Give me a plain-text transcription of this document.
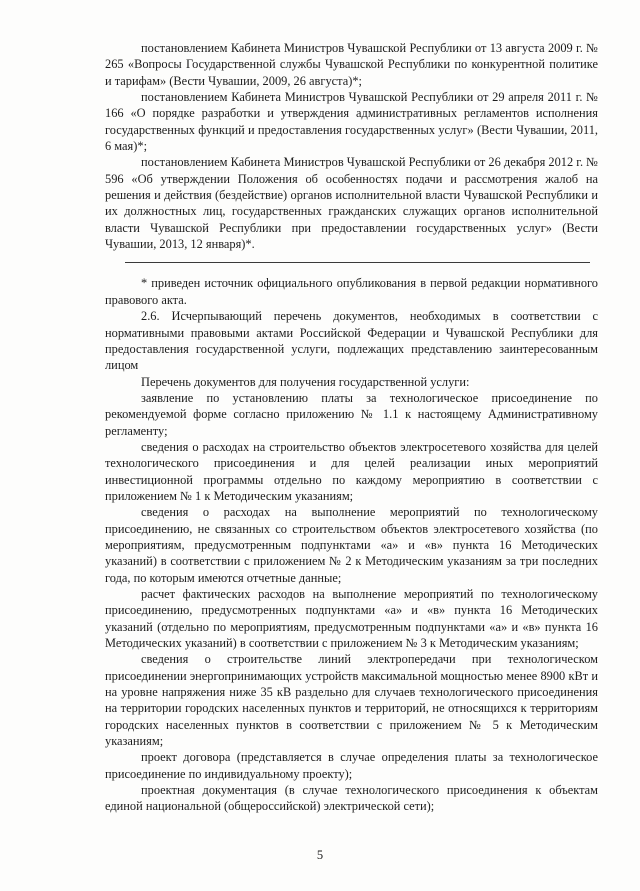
постановлением Кабинета Министров Чувашской Республики от 13 августа 2009 г. № 265 «Вопросы Государственной службы Чувашской Республики по конкурентной политике и тарифам» (Вести Чувашии, 2009, 26 августа)*;

постановлением Кабинета Министров Чувашской Республики от 29 апреля 2011 г. № 166 «О порядке разработки и утверждения административных регламентов исполнения государственных функций и предоставления государственных услуг» (Вести Чувашии, 2011, 6 мая)*;

постановлением Кабинета Министров Чувашской Республики от 26 декабря 2012 г. № 596 «Об утверждении Положения об особенностях подачи и рассмотрения жалоб на решения и действия (бездействие) органов исполнительной власти Чувашской Республики и их должностных лиц, государственных гражданских служащих органов исполнительной власти Чувашской Республики при предоставлении государственных услуг» (Вести Чувашии, 2013, 12 января)*.

* приведен источник официального опубликования в первой редакции нормативного правового акта.

2.6. Исчерпывающий перечень документов, необходимых в соответствии с нормативными правовыми актами Российской Федерации и Чувашской Республики для предоставления государственной услуги, подлежащих представлению заинтересованным лицом

Перечень документов для получения государственной услуги:

заявление по установлению платы за технологическое присоединение по рекомендуемой форме согласно приложению № 1.1 к настоящему Административному регламенту;

сведения о расходах на строительство объектов электросетевого хозяйства для целей технологического присоединения и для целей реализации иных мероприятий инвестиционной программы отдельно по каждому мероприятию в соответствии с приложением № 1 к Методическим указаниям;

сведения о расходах на выполнение мероприятий по технологическому присоединению, не связанных со строительством объектов электросетевого хозяйства (по мероприятиям, предусмотренным подпунктами «а» и «в» пункта 16 Методических указаний) в соответствии с приложением № 2 к Методическим указаниям за три последних года, по которым имеются отчетные данные;

расчет фактических расходов на выполнение мероприятий по технологическому присоединению, предусмотренных подпунктами «а» и «в» пункта 16 Методических указаний (отдельно по мероприятиям, предусмотренным подпунктами «а» и «в» пункта 16 Методических указаний) в соответствии с приложением № 3 к Методическим указаниям;

сведения о строительстве линий электропередачи при технологическом присоединении энергопринимающих устройств максимальной мощностью менее 8900 кВт и на уровне напряжения ниже 35 кВ раздельно для случаев технологического присоединения на территории городских населенных пунктов и территорий, не относящихся к территориям городских населенных пунктов в соответствии с приложением № 5 к Методическим указаниям;

проект договора (представляется в случае определения платы за технологическое присоединение по индивидуальному проекту);

проектная документация (в случае технологического присоединения к объектам единой национальной (общероссийской) электрической сети);

5
